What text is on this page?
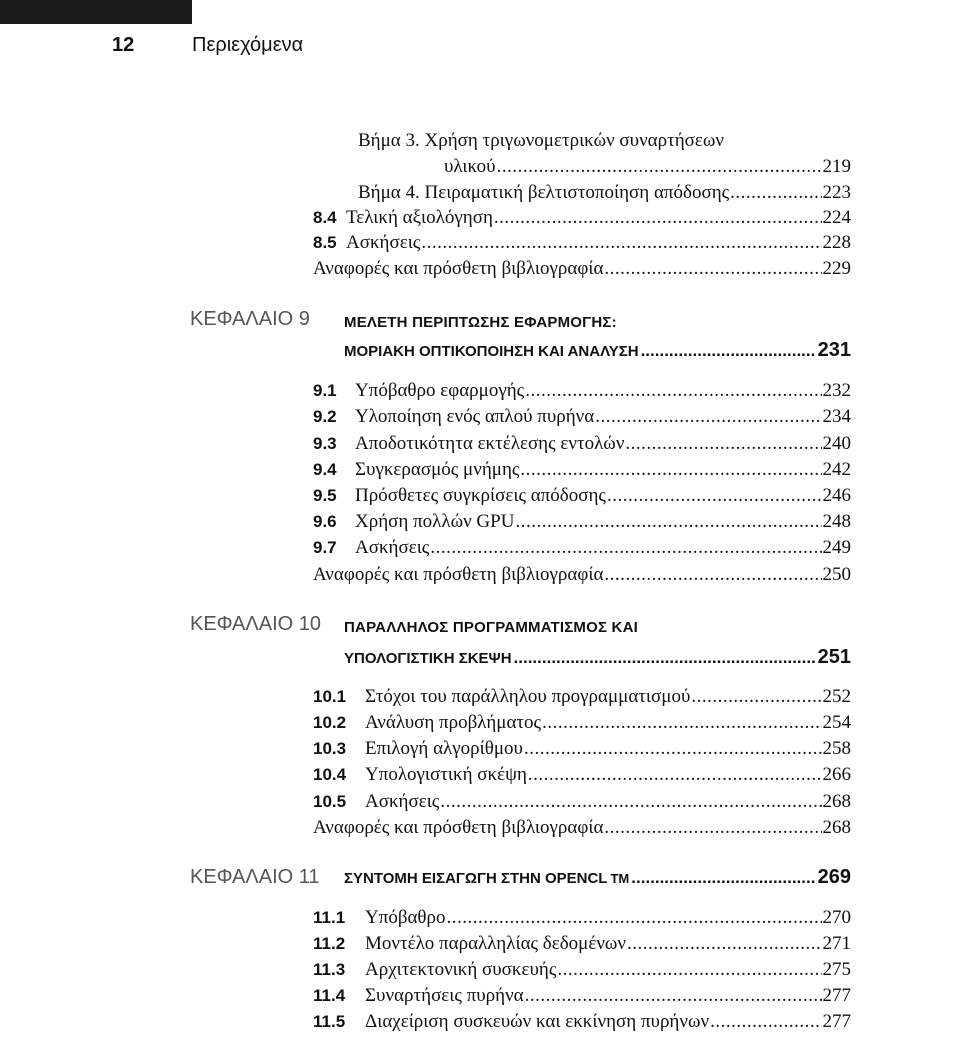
12	Περιεχόμενα
Βήμα 3. Χρήση τριγωνομετρικών συναρτήσεων
υλικού .....	219
Βήμα 4. Πειραματική βελτιστοποίηση απόδοσης .....	223
8.4 Τελική αξιολόγηση .....	224
8.5 Ασκήσεις .....	228
Αναφορές και πρόσθετη βιβλιογραφία .....	229
ΚΕΦΑΛΑΙΟ 9 ΜΕΛΕΤΗ ΠΕΡΙΠΤΩΣΗΣ ΕΦΑΡΜΟΓΗΣ:
ΜΟΡΙΑΚΗ ΟΠΤΙΚΟΠΟΙΗΣΗ ΚΑΙ ΑΝΑΛΥΣΗ .....	231
9.1 Υπόβαθρο εφαρμογής .....	232
9.2 Υλοποίηση ενός απλού πυρήνα .....	234
9.3 Αποδοτικότητα εκτέλεσης εντολών .....	240
9.4 Συγκερασμός μνήμης .....	242
9.5 Πρόσθετες συγκρίσεις απόδοσης .....	246
9.6 Χρήση πολλών GPU .....	248
9.7 Ασκήσεις .....	249
Αναφορές και πρόσθετη βιβλιογραφία .....	250
ΚΕΦΑΛΑΙΟ 10 ΠΑΡΑΛΛΗΛΟΣ ΠΡΟΓΡΑΜΜΑΤΙΣΜΟΣ ΚΑΙ
ΥΠΟΛΟΓΙΣΤΙΚΗ ΣΚΕΨΗ .....	251
10.1 Στόχοι του παράλληλου προγραμματισμού .....	252
10.2 Ανάλυση προβλήματος .....	254
10.3 Επιλογή αλγορίθμου .....	258
10.4 Υπολογιστική σκέψη .....	266
10.5 Ασκήσεις .....	268
Αναφορές και πρόσθετη βιβλιογραφία .....	268
ΚΕΦΑΛΑΙΟ 11 ΣΥΝΤΟΜΗ ΕΙΣΑΓΩΓΗ ΣΤΗΝ OPENCL TM .....	269
11.1	Υπόβαθρο .....	270
11.2	Μοντέλο παραλληλίας δεδομένων .....	271
11.3	Αρχιτεκτονική συσκευής .....	275
11.4	Συναρτήσεις πυρήνα .....	277
11.5	Διαχείριση συσκευών και εκκίνηση πυρήνων .....	277
